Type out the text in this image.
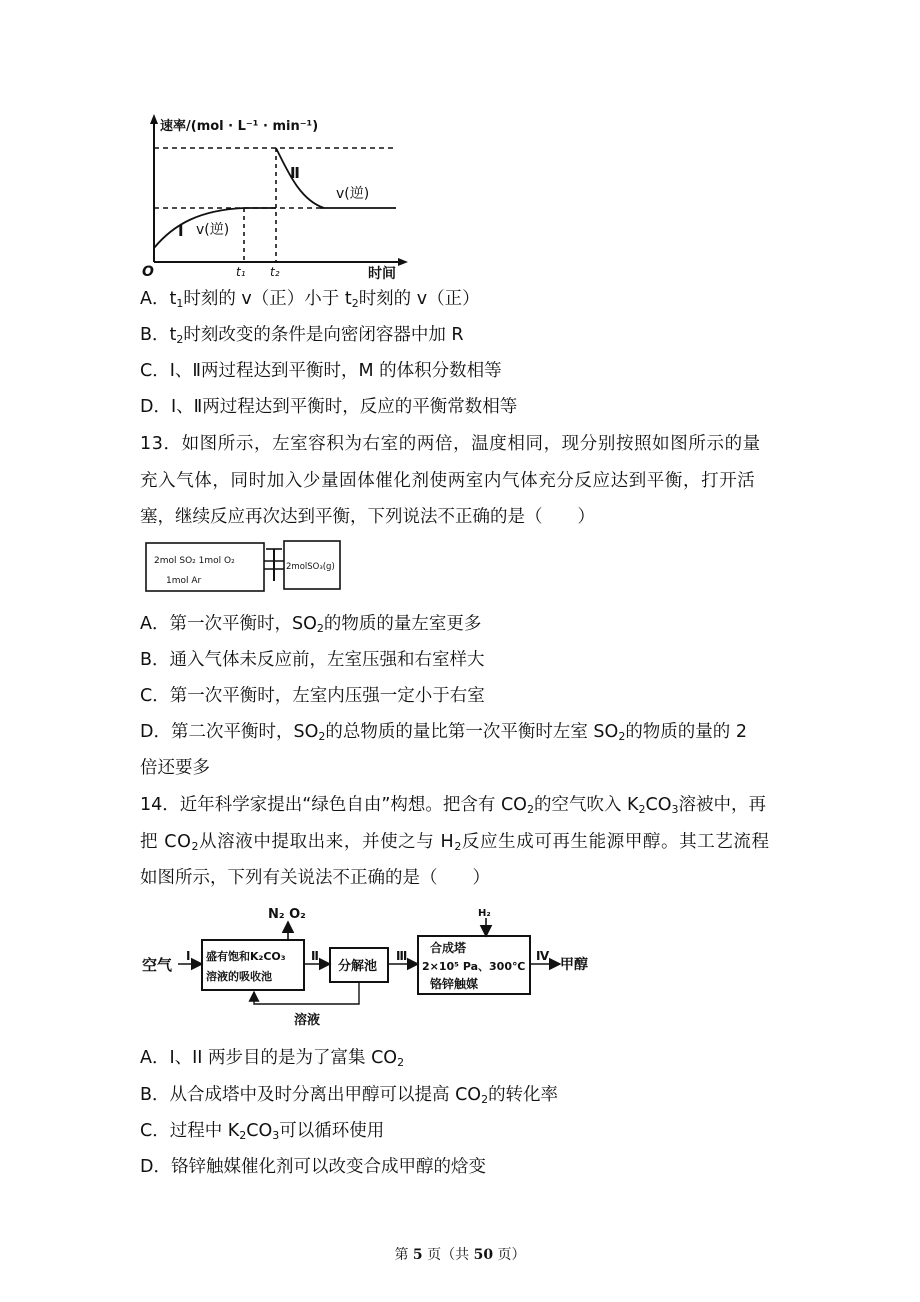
速率/(mol · L⁻¹ · min⁻¹)
O	时间
t₁ t₂
I
Ⅱ
v(逆)
v(逆)
A．$t_1$时刻的 v（正）小于 $t_2$时刻的 v（正）
B．$t_2$时刻改变的条件是向密闭容器中加 R
C．I、Ⅱ两过程达到平衡时，M 的体积分数相等
D．I、Ⅱ两过程达到平衡时，反应的平衡常数相等
13．如图所示，左室容积为右室的两倍，温度相同，现分别按照如图所示的量
充入气体，同时加入少量固体催化剂使两室内气体充分反应达到平衡，打开活
塞，继续反应再次达到平衡，下列说法不正确的是（　　）
2mol SO₂ 1mol O₂
1mol Ar
2molSO₃(g)
A．第一次平衡时，$SO_2$的物质的量左室更多
B．通入气体未反应前，左室压强和右室样大
C．第一次平衡时，左室内压强一定小于右室
D．第二次平衡时，$SO_2$的总物质的量比第一次平衡时左室 $SO_2$的物质的量的 2
倍还要多
14．近年科学家提出“绿色自由”构想。把含有 $CO_2$的空气吹入 $K_2CO_3$溶被中，再
把 $CO_2$从溶液中提取出来，并使之与 $H_2$反应生成可再生能源甲醇。其工艺流程
如图所示，下列有关说法不正确的是（　　）
N₂ O₂	H₂
空气 I	Ⅱ	Ⅲ	Ⅳ
盛有饱和K₂CO₃
溶液的吸收池
分解池
合成塔
2×10⁵ Pa、300℃
铬锌触媒
甲醇
溶液
A．I、II 两步目的是为了富集 $CO_2$
B．从合成塔中及时分离出甲醇可以提高 $CO_2$的转化率
C．过程中 $K_2CO_3$可以循环使用
D．铬锌触媒催化剂可以改变合成甲醇的焓变
第 5 页（共 50 页）
